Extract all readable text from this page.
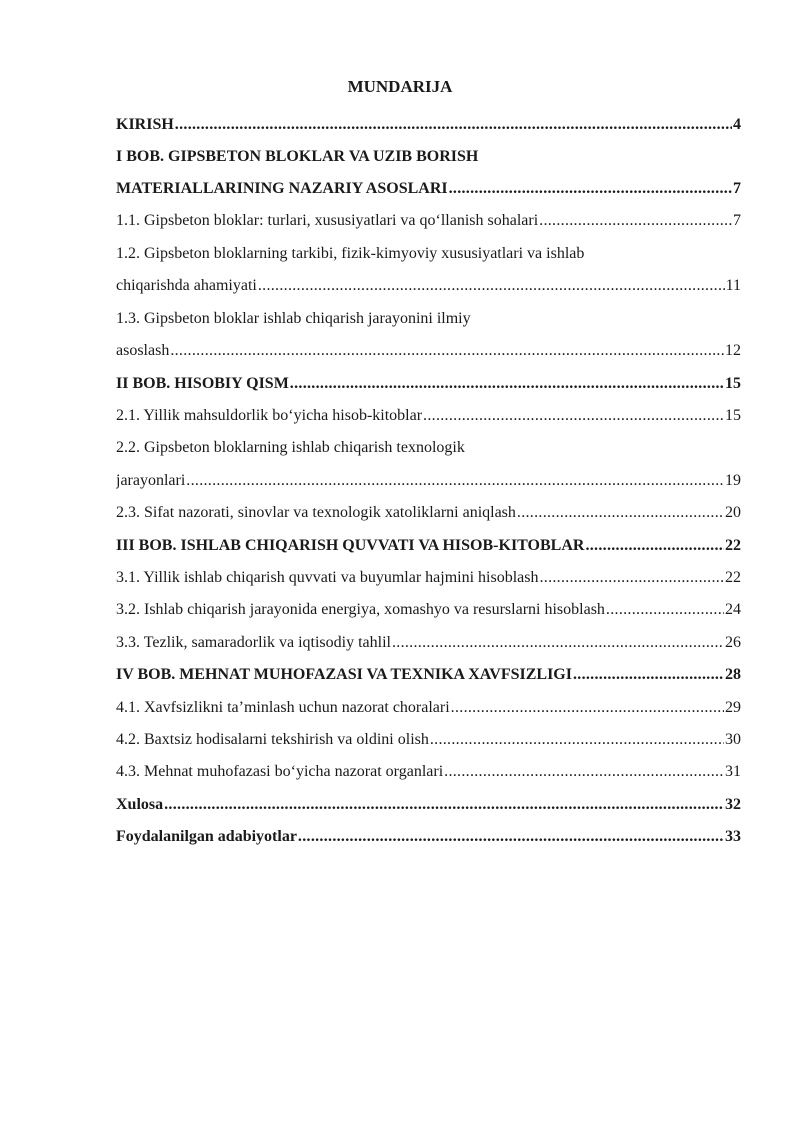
MUNDARIJA
KIRISH .....	4
I BOB. GIPSBETON BLOKLAR VA UZIB BORISH
MATERIALLARINING NAZARIY ASOSLARI .....	7
1.1. Gipsbeton bloklar: turlari, xususiyatlari va qo‘llanish sohalari .....	7
1.2. Gipsbeton bloklarning tarkibi, fizik-kimyoviy xususiyatlari va ishlab
chiqarishda ahamiyati .....	11
1.3. Gipsbeton bloklar ishlab chiqarish jarayonini ilmiy
asoslash .....	12
II BOB. HISOBIY QISM .....	15
2.1. Yillik mahsuldorlik bo‘yicha hisob-kitoblar .....	15
2.2. Gipsbeton bloklarning ishlab chiqarish texnologik
jarayonlari .....	19
2.3. Sifat nazorati, sinovlar va texnologik xatoliklarni aniqlash .....	20
III BOB. ISHLAB CHIQARISH QUVVATI VA HISOB-KITOBLAR .....	22
3.1. Yillik ishlab chiqarish quvvati va buyumlar hajmini hisoblash .....	22
3.2. Ishlab chiqarish jarayonida energiya, xomashyo va resurslarni hisoblash .....	24
3.3. Tezlik, samaradorlik va iqtisodiy tahlil .....	26
IV BOB. MEHNAT MUHOFAZASI VA TEXNIKA XAVFSIZLIGI .....	28
4.1. Xavfsizlikni ta’minlash uchun nazorat choralari .....	29
4.2. Baxtsiz hodisalarni tekshirish va oldini olish .....	30
4.3. Mehnat muhofazasi bo‘yicha nazorat organlari .....	31
Xulosa .....	32
Foydalanilgan adabiyotlar .....	33
